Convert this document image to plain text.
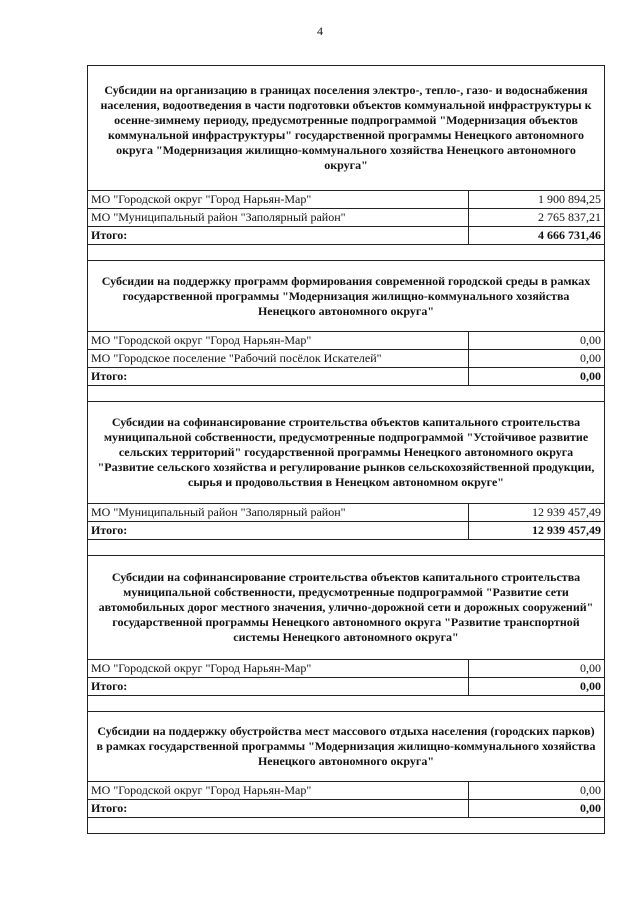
4
Субсидии на организацию в границах поселения электро-, тепло-, газо- и водоснабжения населения, водоотведения в части подготовки объектов коммунальной инфраструктуры к осенне-зимнему периоду, предусмотренные подпрограммой "Модернизация объектов коммунальной инфраструктуры" государственной программы Ненецкого автономного округа "Модернизация жилищно-коммунального хозяйства Ненецкого автономного округа"
МО "Городской округ "Город Нарьян-Мар"	1 900 894,25
МО "Муниципальный район "Заполярный район"	2 765 837,21
Итого:	4 666 731,46
Субсидии на поддержку программ формирования современной городской среды в рамках государственной программы "Модернизация жилищно-коммунального хозяйства Ненецкого автономного округа"
МО "Городской округ "Город Нарьян-Мар"	0,00
МО "Городское поселение "Рабочий посёлок Искателей"	0,00
Итого:	0,00
Субсидии на софинансирование строительства объектов капитального строительства муниципальной собственности, предусмотренные подпрограммой "Устойчивое развитие сельских территорий" государственной программы Ненецкого автономного округа "Развитие сельского хозяйства и регулирование рынков сельскохозяйственной продукции, сырья и продовольствия в Ненецком автономном округе"
МО "Муниципальный район "Заполярный район"	12 939 457,49
Итого:	12 939 457,49
Субсидии на софинансирование строительства объектов капитального строительства муниципальной собственности, предусмотренные подпрограммой "Развитие сети автомобильных дорог местного значения, улично-дорожной сети и дорожных сооружений" государственной программы Ненецкого автономного округа "Развитие транспортной системы Ненецкого автономного округа"
МО "Городской округ "Город Нарьян-Мар"	0,00
Итого:	0,00
Субсидии на поддержку обустройства мест массового отдыха населения (городских парков) в рамках государственной программы "Модернизация жилищно-коммунального хозяйства Ненецкого автономного округа"
МО "Городской округ "Город Нарьян-Мар"	0,00
Итого:	0,00
